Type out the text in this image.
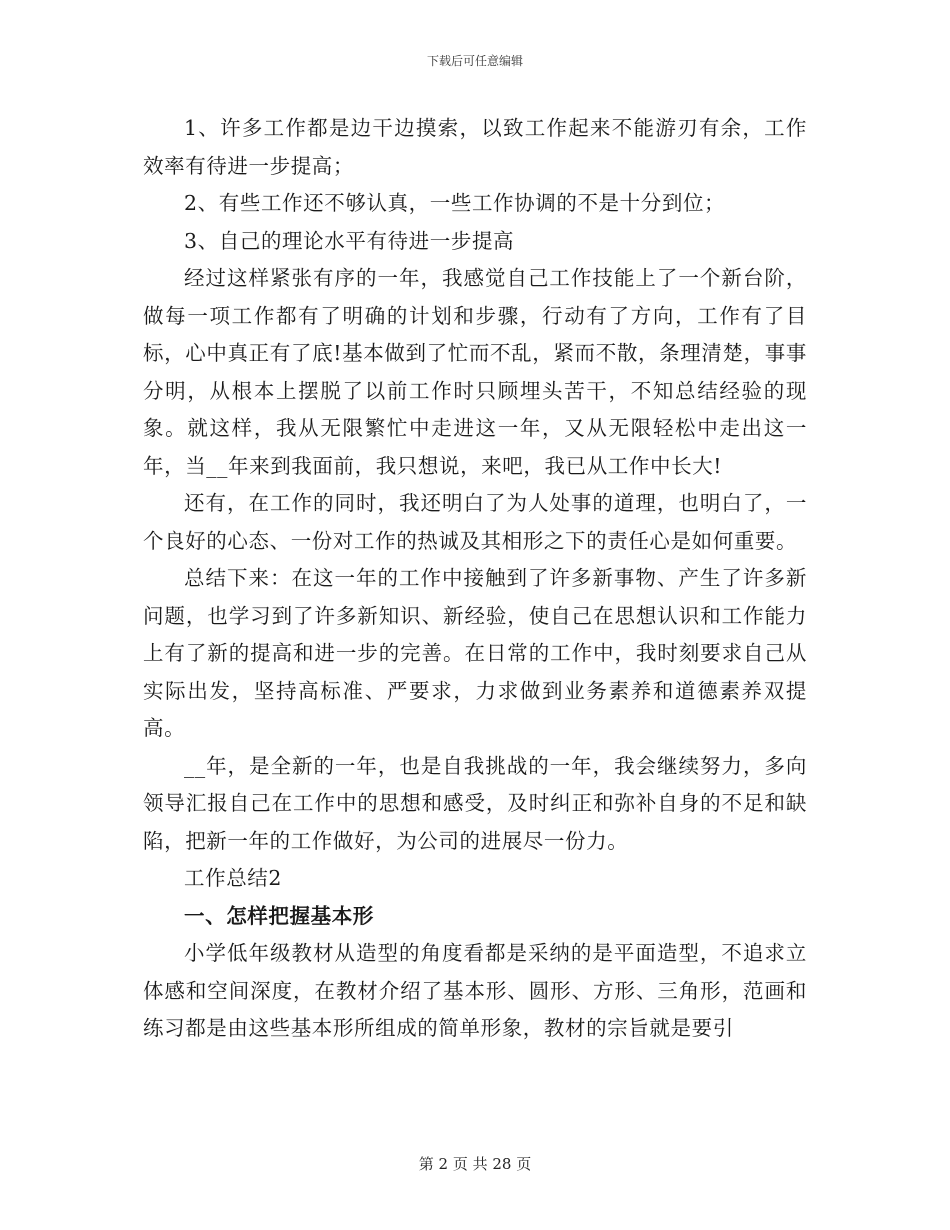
下载后可任意编辑

1、许多工作都是边干边摸索，以致工作起来不能游刃有余，工作效率有待进一步提高；

2、有些工作还不够认真，一些工作协调的不是十分到位；

3、自己的理论水平有待进一步提高

经过这样紧张有序的一年，我感觉自己工作技能上了一个新台阶，做每一项工作都有了明确的计划和步骤，行动有了方向，工作有了目标，心中真正有了底!基本做到了忙而不乱，紧而不散，条理清楚，事事分明，从根本上摆脱了以前工作时只顾埋头苦干，不知总结经验的现象。就这样，我从无限繁忙中走进这一年，又从无限轻松中走出这一年，当__年来到我面前，我只想说，来吧，我已从工作中长大!

还有，在工作的同时，我还明白了为人处事的道理，也明白了，一个良好的心态、一份对工作的热诚及其相形之下的责任心是如何重要。

总结下来：在这一年的工作中接触到了许多新事物、产生了许多新问题，也学习到了许多新知识、新经验，使自己在思想认识和工作能力上有了新的提高和进一步的完善。在日常的工作中，我时刻要求自己从实际出发，坚持高标准、严要求，力求做到业务素养和道德素养双提高。

__年，是全新的一年，也是自我挑战的一年，我会继续努力，多向领导汇报自己在工作中的思想和感受，及时纠正和弥补自身的不足和缺陷，把新一年的工作做好，为公司的进展尽一份力。

工作总结2

一、怎样把握基本形

小学低年级教材从造型的角度看都是采纳的是平面造型，不追求立体感和空间深度，在教材介绍了基本形、圆形、方形、三角形，范画和练习都是由这些基本形所组成的简单形象，教材的宗旨就是要引

第 2 页 共 28 页
